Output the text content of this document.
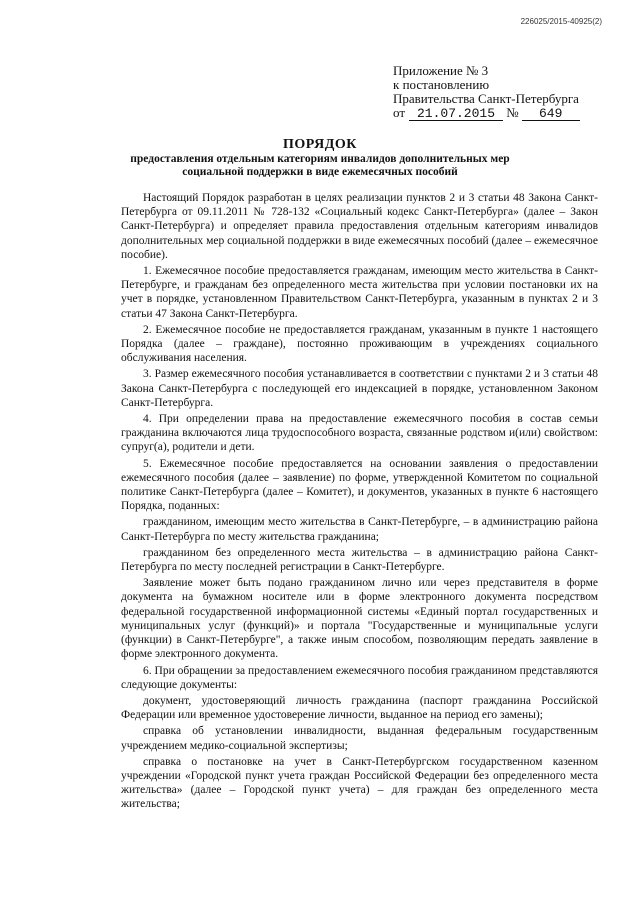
226025/2015-40925(2)
Приложение № 3
к постановлению
Правительства Санкт-Петербурга
от 21.07.2015 № 649
ПОРЯДОК
предоставления отдельным категориям инвалидов дополнительных мер социальной поддержки в виде ежемесячных пособий

Настоящий Порядок разработан в целях реализации пунктов 2 и 3 статьи 48 Закона Санкт-Петербурга от 09.11.2011 № 728-132 «Социальный кодекс Санкт-Петербурга» (далее – Закон Санкт-Петербурга) и определяет правила предоставления отдельным категориям инвалидов дополнительных мер социальной поддержки в виде ежемесячных пособий (далее – ежемесячное пособие).

1. Ежемесячное пособие предоставляется гражданам, имеющим место жительства в Санкт-Петербурге, и гражданам без определенного места жительства при условии постановки их на учет в порядке, установленном Правительством Санкт-Петербурга, указанным в пунктах 2 и 3 статьи 47 Закона Санкт-Петербурга.

2. Ежемесячное пособие не предоставляется гражданам, указанным в пункте 1 настоящего Порядка (далее – граждане), постоянно проживающим в учреждениях социального обслуживания населения.

3. Размер ежемесячного пособия устанавливается в соответствии с пунктами 2 и 3 статьи 48 Закона Санкт-Петербурга с последующей его индексацией в порядке, установленном Законом Санкт-Петербурга.

4. При определении права на предоставление ежемесячного пособия в состав семьи гражданина включаются лица трудоспособного возраста, связанные родством и(или) свойством: супруг(а), родители и дети.

5. Ежемесячное пособие предоставляется на основании заявления о предоставлении ежемесячного пособия (далее – заявление) по форме, утвержденной Комитетом по социальной политике Санкт-Петербурга (далее – Комитет), и документов, указанных в пункте 6 настоящего Порядка, поданных:

гражданином, имеющим место жительства в Санкт-Петербурге, – в администрацию района Санкт-Петербурга по месту жительства гражданина;

гражданином без определенного места жительства – в администрацию района Санкт-Петербурга по месту последней регистрации в Санкт-Петербурге.

Заявление может быть подано гражданином лично или через представителя в форме документа на бумажном носителе или в форме электронного документа посредством федеральной государственной информационной системы «Единый портал государственных и муниципальных услуг (функций)» и портала "Государственные и муниципальные услуги (функции) в Санкт-Петербурге", а также иным способом, позволяющим передать заявление в форме электронного документа.

6. При обращении за предоставлением ежемесячного пособия гражданином представляются следующие документы:

документ, удостоверяющий личность гражданина (паспорт гражданина Российской Федерации или временное удостоверение личности, выданное на период его замены);

справка об установлении инвалидности, выданная федеральным государственным учреждением медико-социальной экспертизы;

справка о постановке на учет в Санкт-Петербургском государственном казенном учреждении «Городской пункт учета граждан Российской Федерации без определенного места жительства» (далее – Городской пункт учета) – для граждан без определенного места жительства;
